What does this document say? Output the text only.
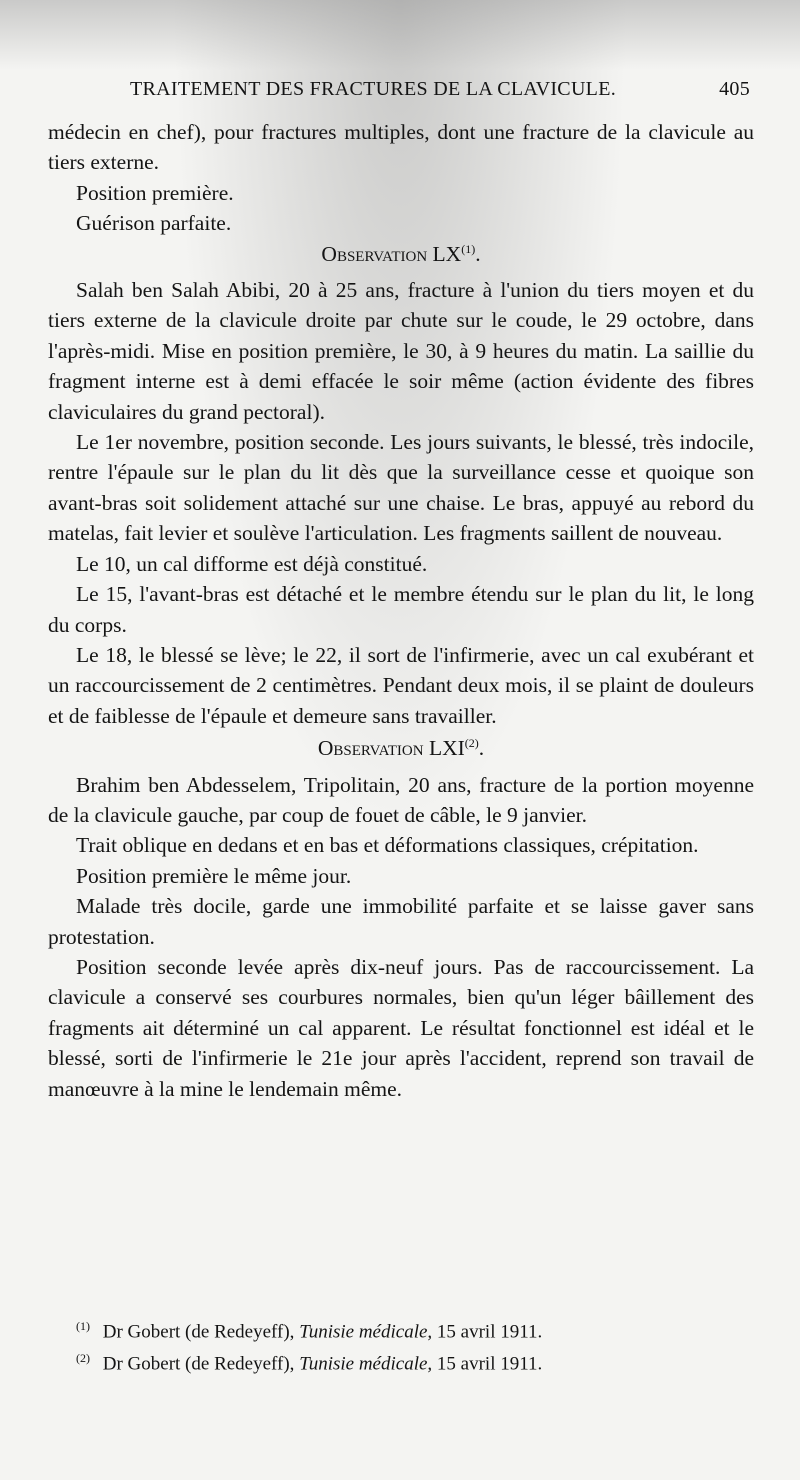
TRAITEMENT DES FRACTURES DE LA CLAVICULE.	405

médecin en chef), pour fractures multiples, dont une fracture de la clavicule au tiers externe.

Position première.

Guérison parfaite.

Observation LX$^{(1)}$.

Salah ben Salah Abibi, 20 à 25 ans, fracture à l'union du tiers moyen et du tiers externe de la clavicule droite par chute sur le coude, le 29 octobre, dans l'après-midi. Mise en position première, le 30, à 9 heures du matin. La saillie du fragment interne est à demi effacée le soir même (action évidente des fibres claviculaires du grand pectoral).

Le 1er novembre, position seconde. Les jours suivants, le blessé, très indocile, rentre l'épaule sur le plan du lit dès que la surveillance cesse et quoique son avant-bras soit solidement attaché sur une chaise. Le bras, appuyé au rebord du matelas, fait levier et soulève l'articulation. Les fragments saillent de nouveau.

Le 10, un cal difforme est déjà constitué.

Le 15, l'avant-bras est détaché et le membre étendu sur le plan du lit, le long du corps.

Le 18, le blessé se lève; le 22, il sort de l'infirmerie, avec un cal exubérant et un raccourcissement de 2 centimètres. Pendant deux mois, il se plaint de douleurs et de faiblesse de l'épaule et demeure sans travailler.

Observation LXI$^{(2)}$.

Brahim ben Abdesselem, Tripolitain, 20 ans, fracture de la portion moyenne de la clavicule gauche, par coup de fouet de câble, le 9 janvier.

Trait oblique en dedans et en bas et déformations classiques, crépitation.

Position première le même jour.

Malade très docile, garde une immobilité parfaite et se laisse gaver sans protestation.

Position seconde levée après dix-neuf jours. Pas de raccourcissement. La clavicule a conservé ses courbures normales, bien qu'un léger bâillement des fragments ait déterminé un cal apparent. Le résultat fonctionnel est idéal et le blessé, sorti de l'infirmerie le 21e jour après l'accident, reprend son travail de manœuvre à la mine le lendemain même.

$^{(1)}$ Dr Gobert (de Redeyeff), Tunisie médicale, 15 avril 1911.

$^{(2)}$ Dr Gobert (de Redeyeff), Tunisie médicale, 15 avril 1911.
